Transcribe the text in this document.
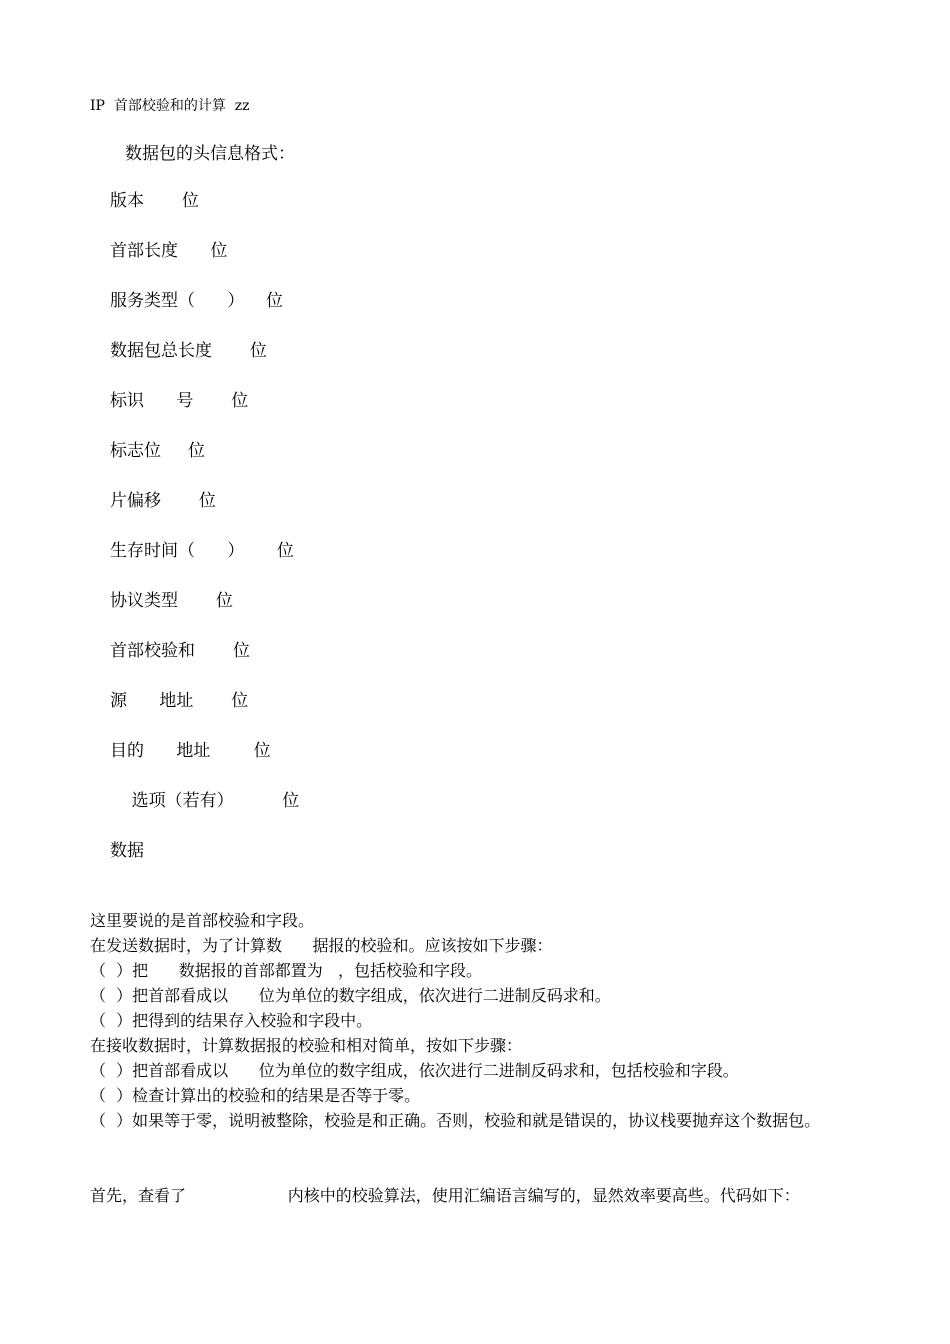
IP  首部校验和的计算  zz
数据包的头信息格式：
版本       位
首部长度      位
服务类型（      ）    位
数据包总长度       位
标识      号       位
标志位     位
片偏移       位
生存时间（      ）      位
协议类型       位
首部校验和       位
源      地址       位
目的      地址        位
选项（若有）         位
数据
这里要说的是首部校验和字段。
在发送数据时，为了计算数      据报的校验和。应该按如下步骤：
（  ）把      数据报的首部都置为   ，包括校验和字段。
（  ）把首部看成以      位为单位的数字组成，依次进行二进制反码求和。
（  ）把得到的结果存入校验和字段中。
在接收数据时，计算数据报的校验和相对简单，按如下步骤：
（  ）把首部看成以      位为单位的数字组成，依次进行二进制反码求和，包括校验和字段。
（  ）检查计算出的校验和的结果是否等于零。
（  ）如果等于零，说明被整除，校验是和正确。否则，校验和就是错误的，协议栈要抛弃这个数据包。
首先，查看了                    内核中的校验算法，使用汇编语言编写的，显然效率要高些。代码如下：
